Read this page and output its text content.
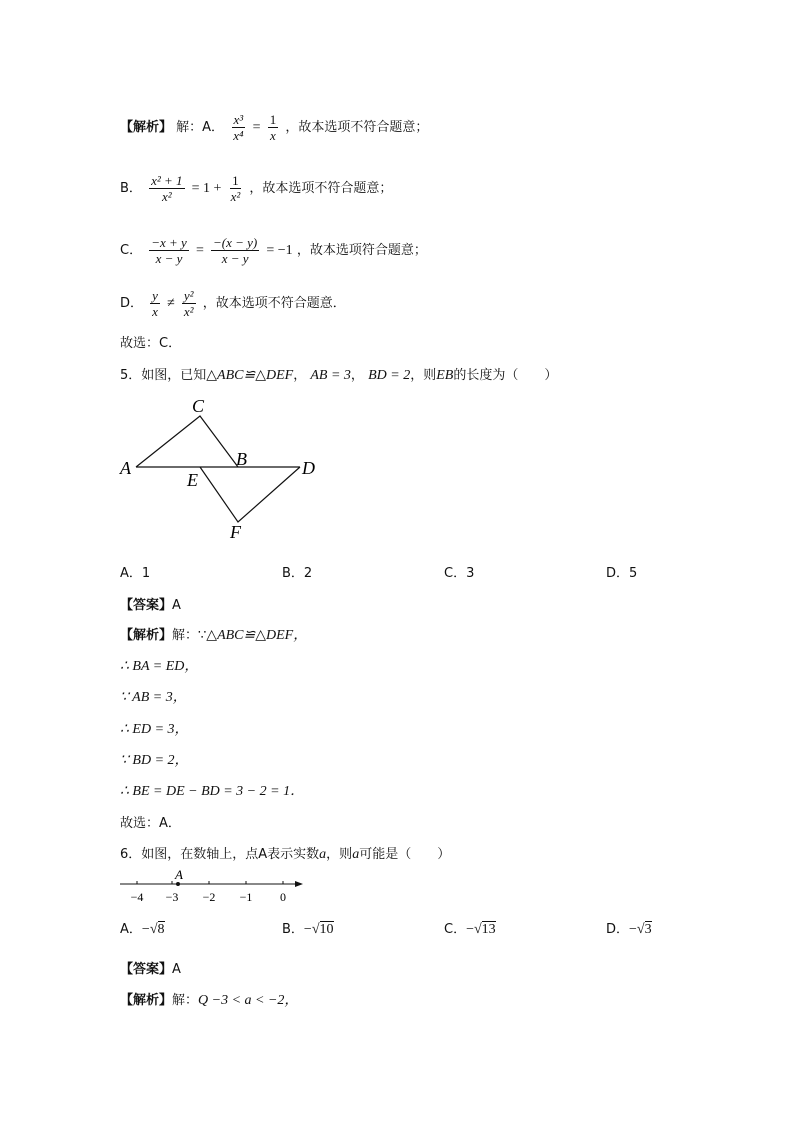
【解析】 解：A． $\frac{\text{x³}}{\text{x⁴}} = \frac{1}{x}$ ，故本选项不符合题意；
B． $\frac{\text{x² + 1}}{\text{x²}} = 1 + \frac{1}{\text{x²}}$ ，故本选项不符合题意；
C． $\frac{-x + y}{x - y} = \frac{-(x - y)}{x - y} = -1$ ，故本选项符合题意；
D． $\frac{y}{x} \ne \frac{\text{y²}}{\text{x²}}$ ，故本选项不符合题意．
故选：C．
5．如图，已知△ABC≌△DEF， AB = 3， BD = 2，则EB的长度为（　　）
A
C
B	D
E
F
A．1	B．2	C．3	D．5
【答案】A
【解析】解：∵△ABC≌△DEF，
∴ BA = ED，
∵ AB = 3，
∴ ED = 3，
∵ BD = 2，
∴ BE = DE − BD = 3 − 2 = 1．
故选：A．
6．如图，在数轴上，点A表示实数a，则a可能是（　　）
A
−4 −3 −2 −1 0
A．−√8	B．−√10	C．−√13	D．−√3
【答案】A
【解析】解：Q −3 < a < −2，
